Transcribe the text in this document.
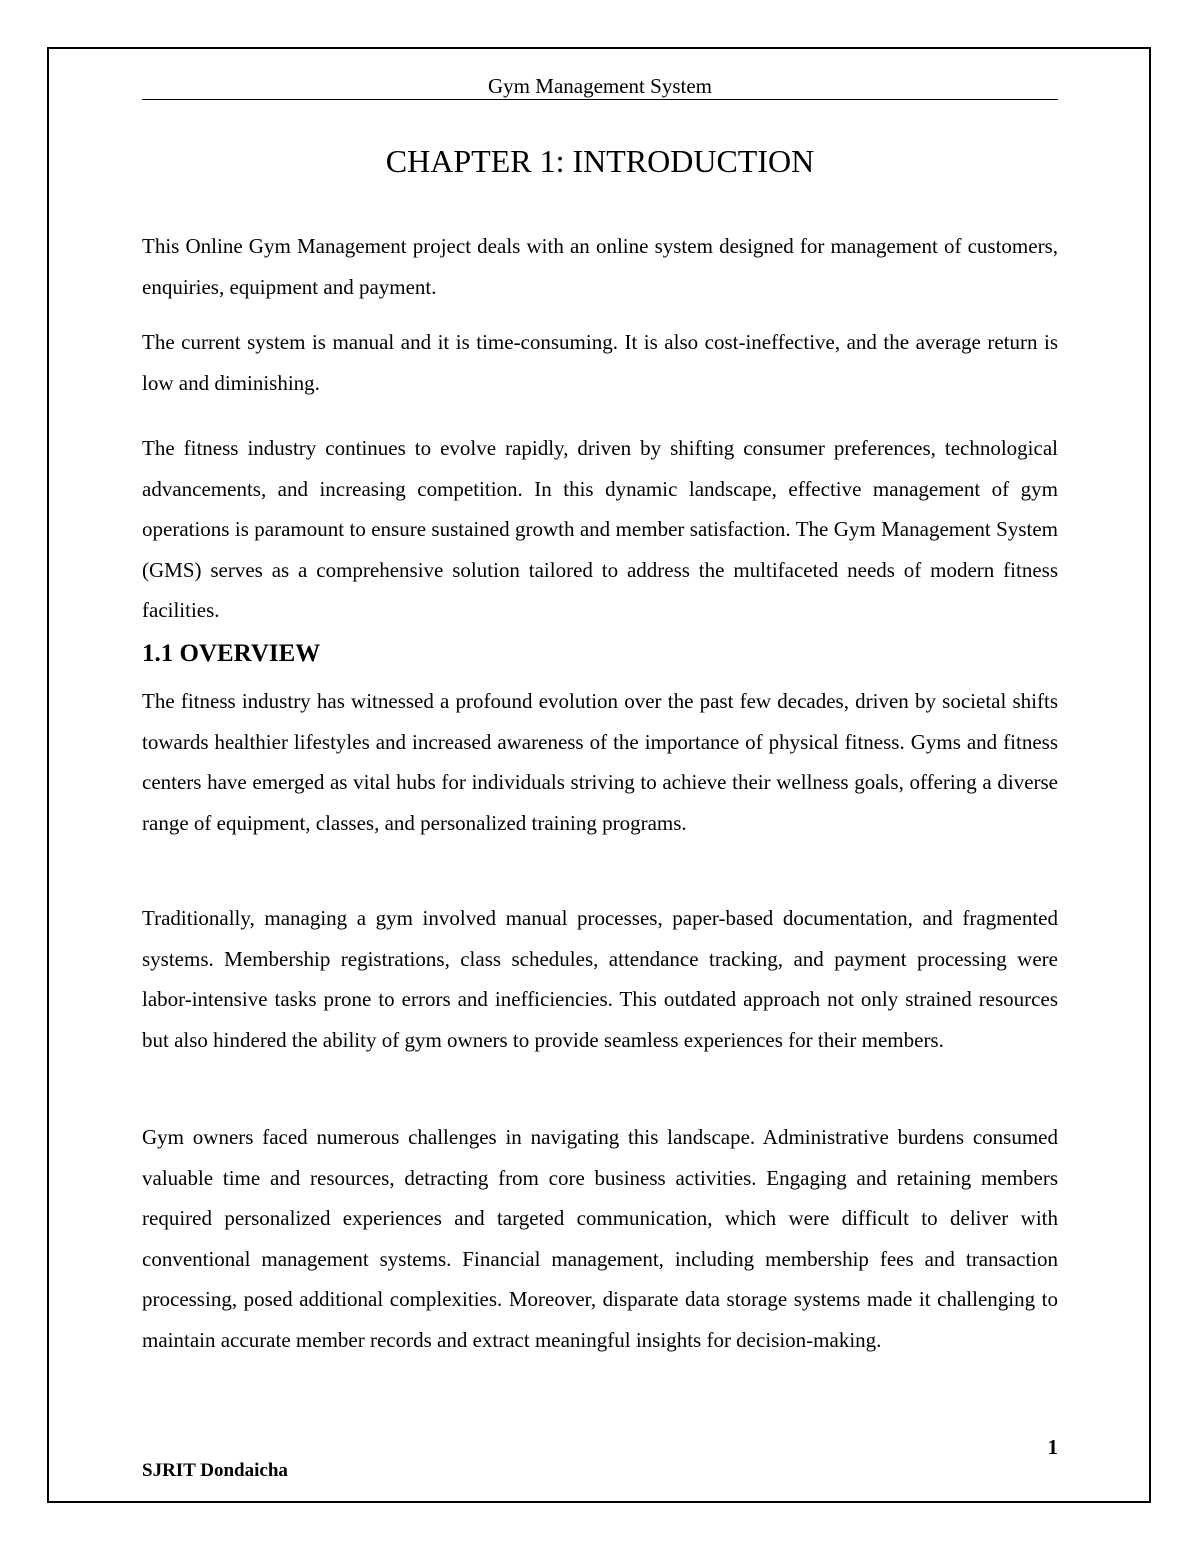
Gym Management System
CHAPTER 1: INTRODUCTION

This Online Gym Management project deals with an online system designed for management of customers, enquiries, equipment and payment.

The current system is manual and it is time-consuming. It is also cost-ineffective, and the average return is low and diminishing.

The fitness industry continues to evolve rapidly, driven by shifting consumer preferences, technological advancements, and increasing competition. In this dynamic landscape, effective management of gym operations is paramount to ensure sustained growth and member satisfaction. The Gym Management System (GMS) serves as a comprehensive solution tailored to address the multifaceted needs of modern fitness facilities.

1.1 OVERVIEW

The fitness industry has witnessed a profound evolution over the past few decades, driven by societal shifts towards healthier lifestyles and increased awareness of the importance of physical fitness. Gyms and fitness centers have emerged as vital hubs for individuals striving to achieve their wellness goals, offering a diverse range of equipment, classes, and personalized training programs.

Traditionally, managing a gym involved manual processes, paper-based documentation, and fragmented systems. Membership registrations, class schedules, attendance tracking, and payment processing were labor-intensive tasks prone to errors and inefficiencies. This outdated approach not only strained resources but also hindered the ability of gym owners to provide seamless experiences for their members.

Gym owners faced numerous challenges in navigating this landscape. Administrative burdens consumed valuable time and resources, detracting from core business activities. Engaging and retaining members required personalized experiences and targeted communication, which were difficult to deliver with conventional management systems. Financial management, including membership fees and transaction processing, posed additional complexities. Moreover, disparate data storage systems made it challenging to maintain accurate member records and extract meaningful insights for decision-making.

1
SJRIT Dondaicha
